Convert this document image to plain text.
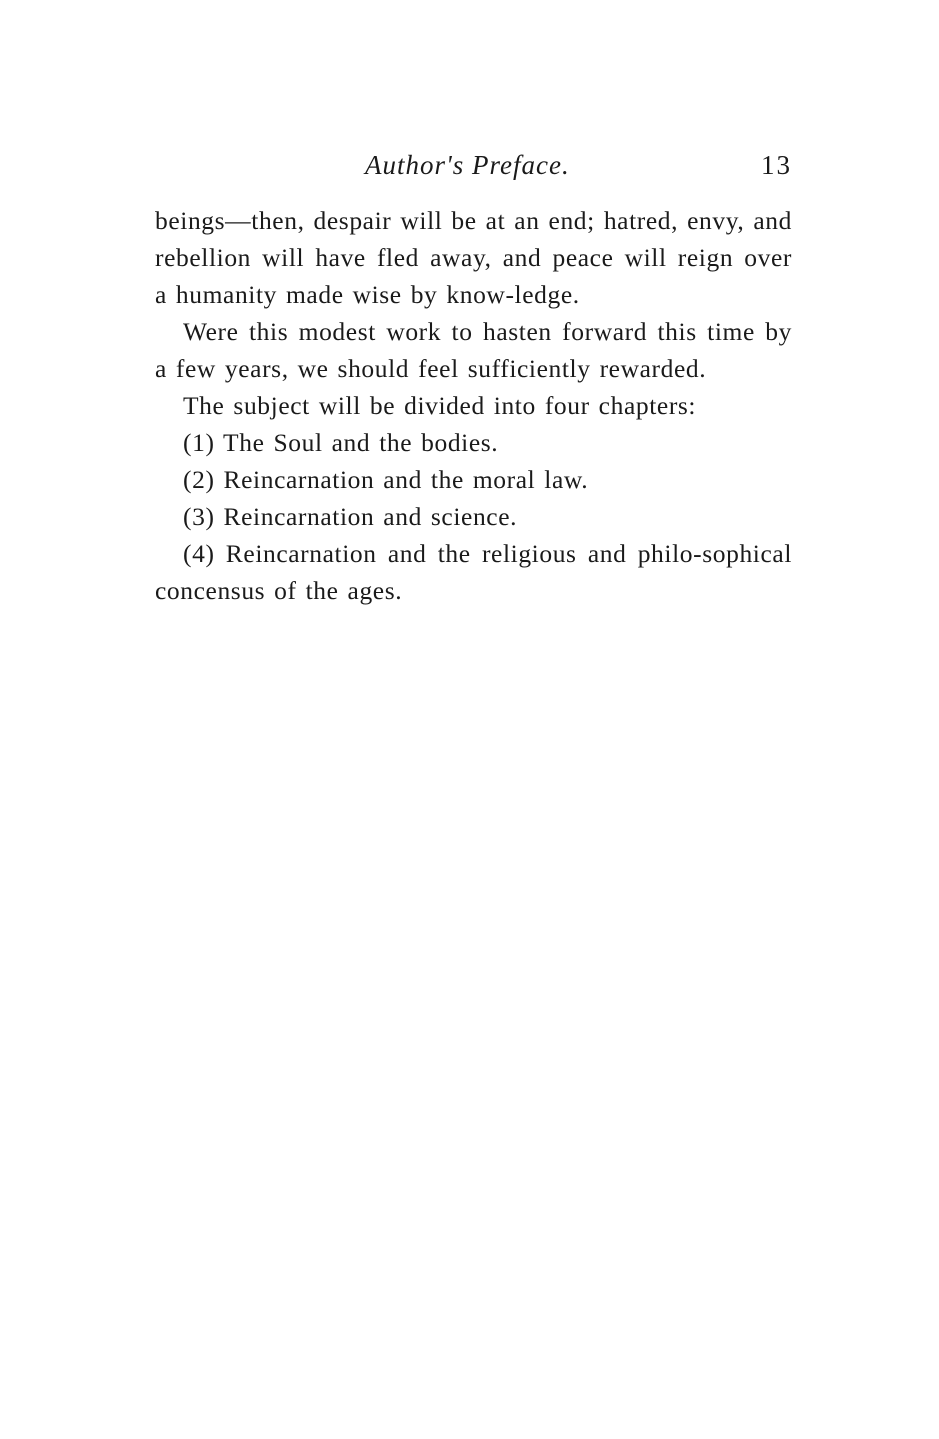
Author's Preface.	13

beings—then, despair will be at an end; hatred, envy, and rebellion will have fled away, and peace will reign over a humanity made wise by know-ledge.

Were this modest work to hasten forward this time by a few years, we should feel sufficiently rewarded.

The subject will be divided into four chapters:

(1) The Soul and the bodies.

(2) Reincarnation and the moral law.

(3) Reincarnation and science.

(4) Reincarnation and the religious and philo-sophical concensus of the ages.
